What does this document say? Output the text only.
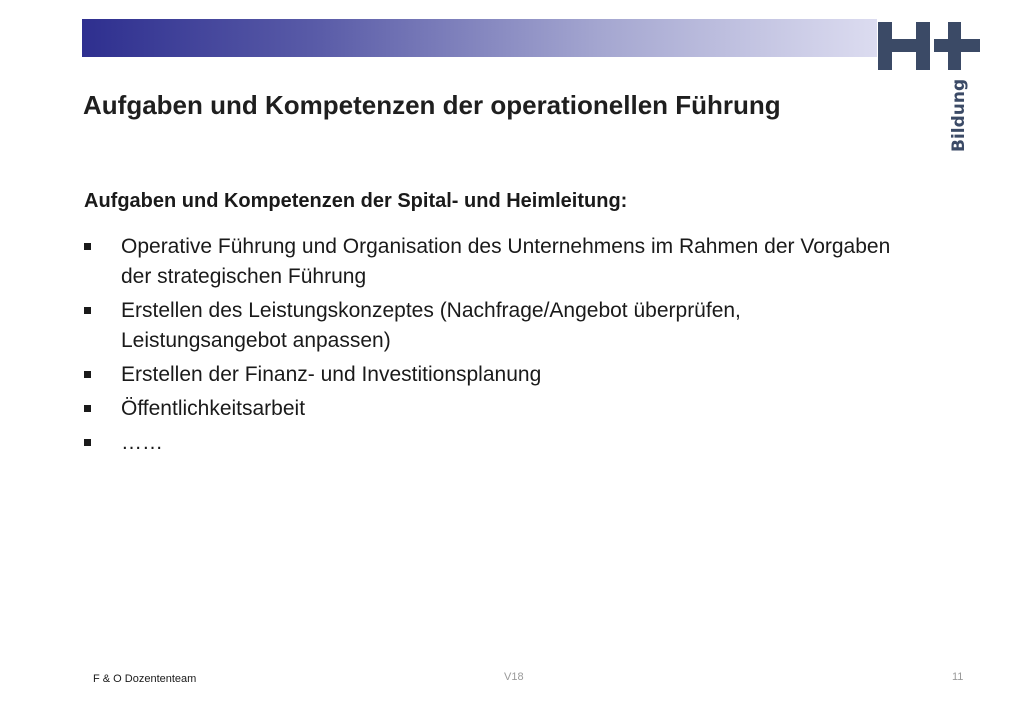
Bildung
Aufgaben und Kompetenzen der operationellen Führung
Aufgaben und Kompetenzen der Spital- und Heimleitung:
Operative Führung und Organisation des Unternehmens im Rahmen der Vorgaben der strategischen Führung
Erstellen des Leistungskonzeptes (Nachfrage/Angebot überprüfen, Leistungsangebot anpassen)
Erstellen der Finanz- und Investitionsplanung
Öffentlichkeitsarbeit
……
F & O Dozententeam	V18	11
